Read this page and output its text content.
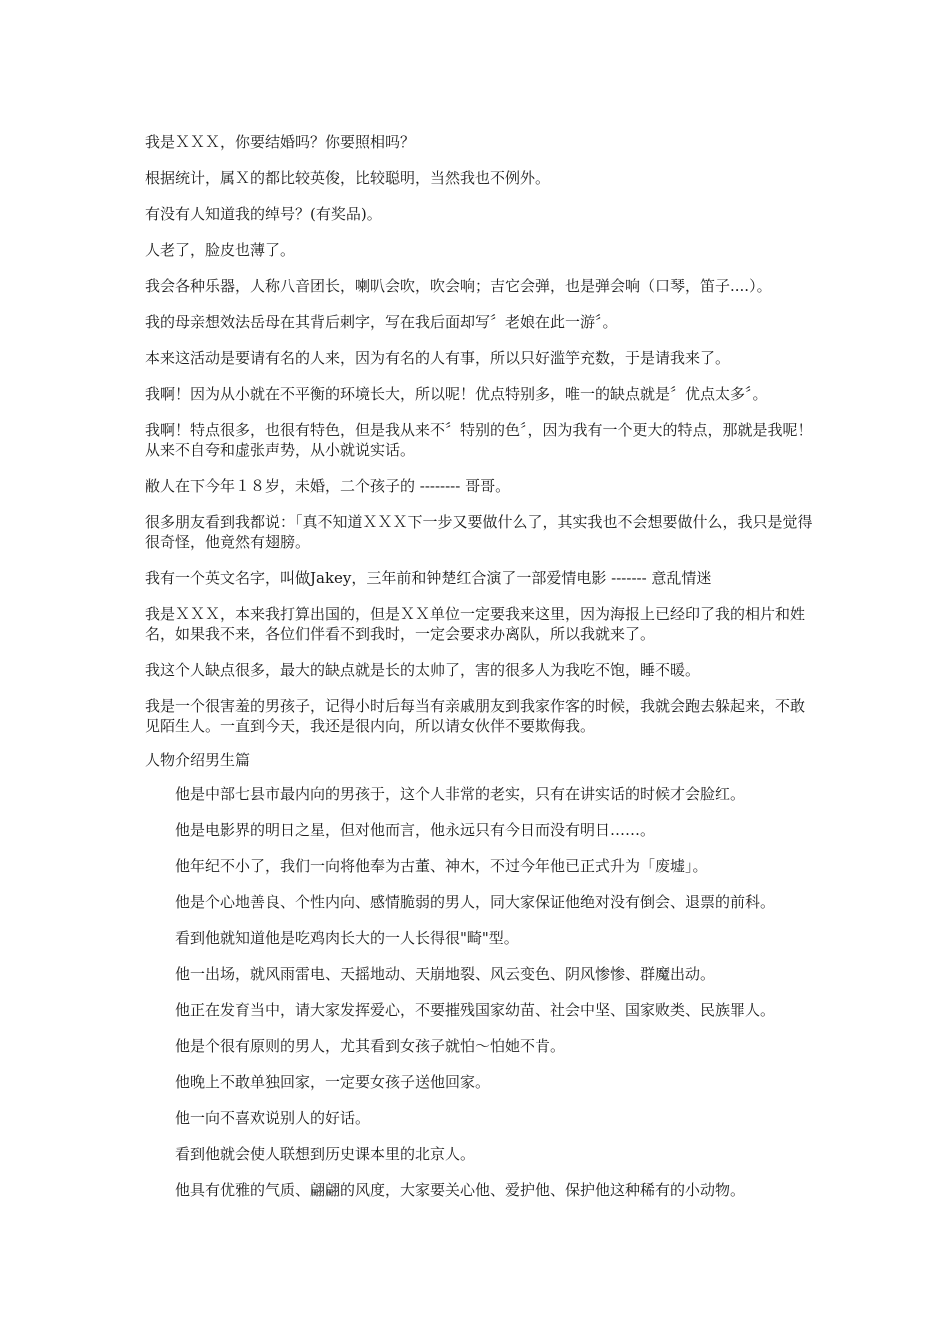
我是ＸＸＸ，你要结婚吗？你要照相吗？

根据统计，属Ｘ的都比较英俊，比较聪明，当然我也不例外。

有没有人知道我的绰号？(有奖品)。

人老了，脸皮也薄了。

我会各种乐器，人称八音团长，喇叭会吹，吹会响；吉它会弹，也是弹会响（口琴，笛子....）。

我的母亲想效法岳母在其背后刺字，写在我后面却写〞老娘在此一游〞。

本来这活动是要请有名的人来，因为有名的人有事，所以只好滥竽充数，于是请我来了。

我啊！因为从小就在不平衡的环境长大，所以呢！优点特别多，唯一的缺点就是〞优点太多〞。

我啊！特点很多，也很有特色，但是我从来不〞特别的色〞，因为我有一个更大的特点，那就是我呢！从来不自夸和虚张声势，从小就说实话。

敝人在下今年１８岁，未婚，二个孩子的 -------- 哥哥。

很多朋友看到我都说：「真不知道ＸＸＸ下一步又要做什么了，其实我也不会想要做什么，我只是觉得很奇怪，他竟然有翅膀。

我有一个英文名字，叫做Jakey，三年前和钟楚红合演了一部爱情电影 ------- 意乱情迷

我是ＸＸＸ，本来我打算出国的，但是ＸＸ单位一定要我来这里，因为海报上已经印了我的相片和姓名，如果我不来，各位们伴看不到我时，一定会要求办离队，所以我就来了。

我这个人缺点很多，最大的缺点就是长的太帅了，害的很多人为我吃不饱，睡不暖。

我是一个很害羞的男孩子，记得小时后每当有亲戚朋友到我家作客的时候，我就会跑去躲起来，不敢见陌生人。一直到今天，我还是很内向，所以请女伙伴不要欺侮我。

人物介绍男生篇

他是中部七县市最内向的男孩于，这个人非常的老实，只有在讲实话的时候才会脸红。
他是电影界的明日之星，但对他而言，他永远只有今日而没有明日……。
他年纪不小了，我们一向将他奉为古董、神木，不过今年他已正式升为「废墟」。
他是个心地善良、个性内向、感情脆弱的男人，同大家保证他绝对没有倒会、退票的前科。
看到他就知道他是吃鸡肉长大的一人长得很"畸"型。
他一出场，就风雨雷电、天摇地动、天崩地裂、风云变色、阴风惨惨、群魔出动。
他正在发育当中，请大家发挥爱心，不要摧残国家幼苗、社会中坚、国家败类、民族罪人。
他是个很有原则的男人，尤其看到女孩子就怕～怕她不肯。
他晚上不敢单独回家，一定要女孩子送他回家。
他一向不喜欢说别人的好话。
看到他就会使人联想到历史课本里的北京人。
他具有优雅的气质、翩翩的风度，大家要关心他、爱护他、保护他这种稀有的小动物。
